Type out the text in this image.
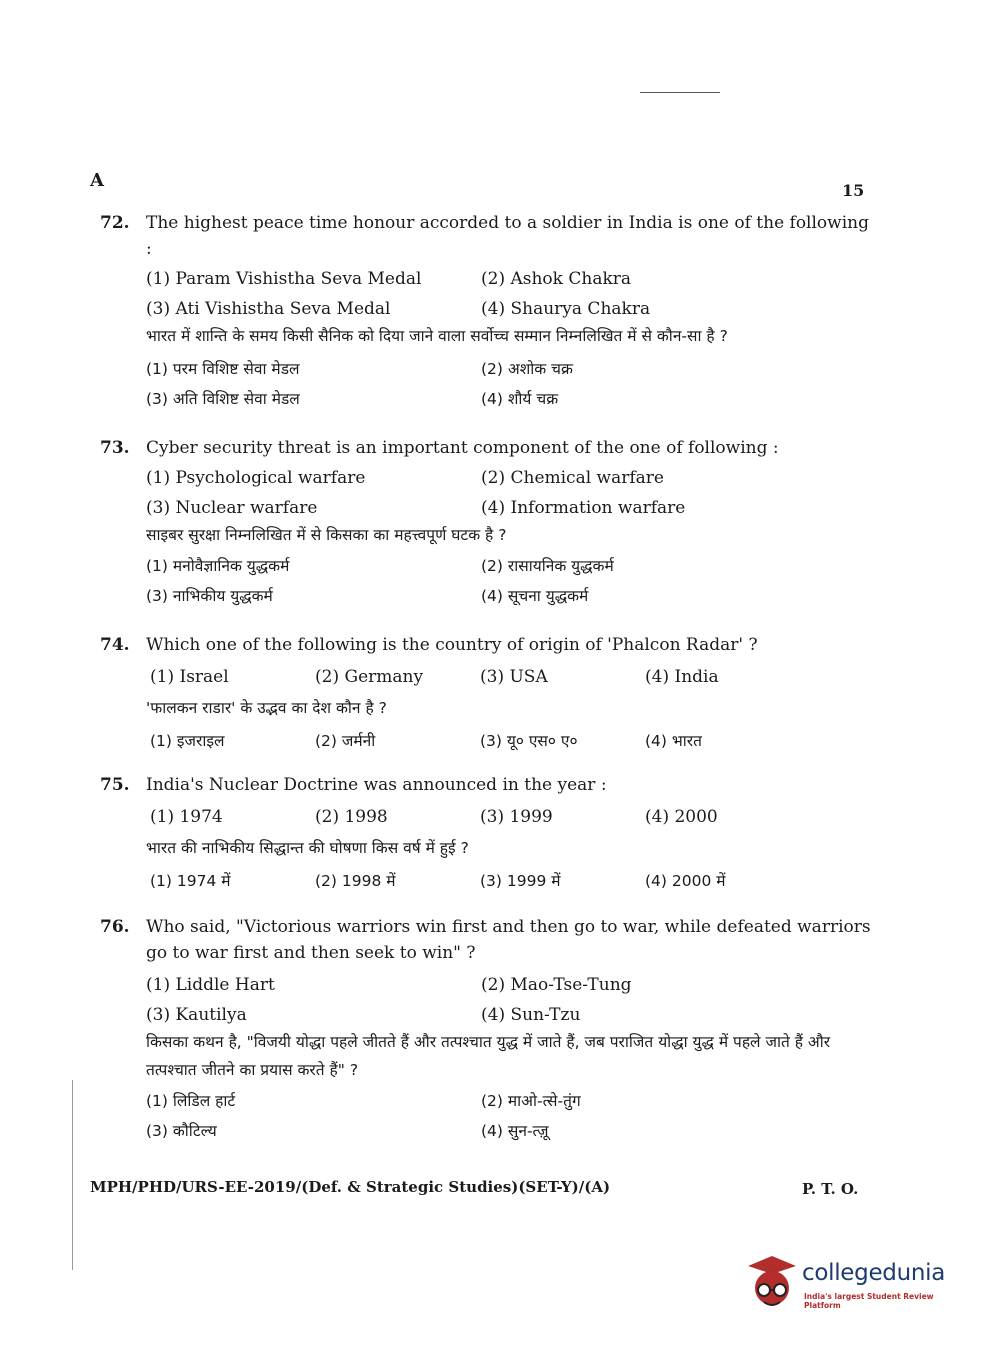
A	15
72. The highest peace time honour accorded to a soldier in India is one of the following :
(1) Param Vishistha Seva Medal	(2) Ashok Chakra
(3) Ati Vishistha Seva Medal	(4) Shaurya Chakra
भारत में शान्ति के समय किसी सैनिक को दिया जाने वाला सर्वोच्च सम्मान निम्नलिखित में से कौन-सा है ?
(1) परम विशिष्ट सेवा मेडल	(2) अशोक चक्र
(3) अति विशिष्ट सेवा मेडल	(4) शौर्य चक्र
73. Cyber security threat is an important component of the one of following :
(1) Psychological warfare	(2) Chemical warfare
(3) Nuclear warfare	(4) Information warfare
साइबर सुरक्षा निम्नलिखित में से किसका का महत्त्वपूर्ण घटक है ?
(1) मनोवैज्ञानिक युद्धकर्म	(2) रासायनिक युद्धकर्म
(3) नाभिकीय युद्धकर्म	(4) सूचना युद्धकर्म
74. Which one of the following is the country of origin of 'Phalcon Radar' ?
(1) Israel	(2) Germany	(3) USA	(4) India
'फालकन राडार' के उद्भव का देश कौन है ?
(1) इजराइल	(2) जर्मनी	(3) यू० एस० ए०	(4) भारत
75. India's Nuclear Doctrine was announced in the year :
(1) 1974	(2) 1998	(3) 1999	(4) 2000
भारत की नाभिकीय सिद्धान्त की घोषणा किस वर्ष में हुई ?
(1) 1974 में	(2) 1998 में	(3) 1999 में	(4) 2000 में
76. Who said, "Victorious warriors win first and then go to war, while defeated warriors go to war first and then seek to win" ?
(1) Liddle Hart	(2) Mao-Tse-Tung
(3) Kautilya	(4) Sun-Tzu
किसका कथन है, "विजयी योद्धा पहले जीतते हैं और तत्पश्चात युद्ध में जाते हैं, जब पराजित योद्धा युद्ध में पहले जाते हैं और तत्पश्चात जीतने का प्रयास करते हैं" ?
(1) लिडिल हार्ट	(2) माओ-त्से-तुंग
(3) कौटिल्य	(4) सुन-त्ज़ू
MPH/PHD/URS-EE-2019/(Def. & Strategic Studies)(SET-Y)/(A)	P. T. O.
collegedunia
India's largest Student Review Platform
